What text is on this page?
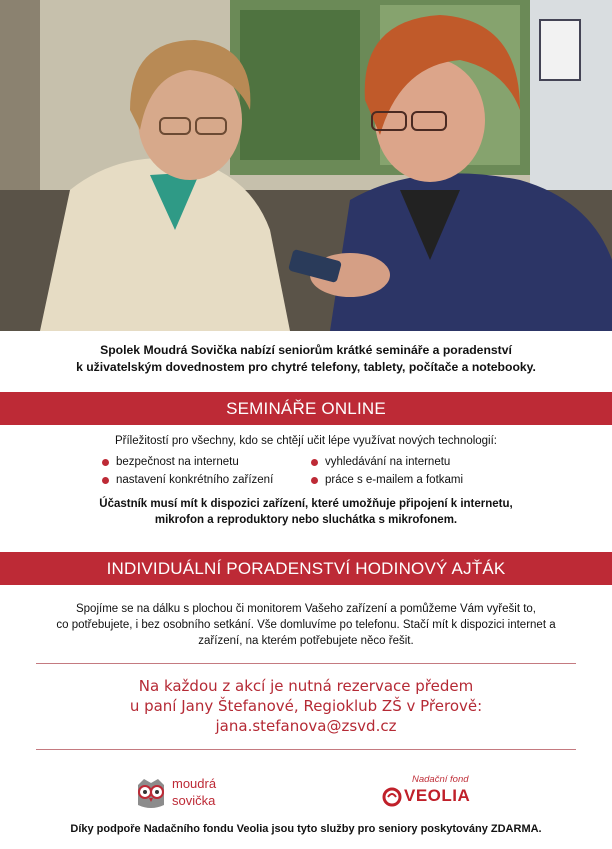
Spolek Moudrá Sovička nabízí seniorům krátké semináře a poradenství
k uživatelským dovednostem pro chytré telefony, tablety, počítače a notebooky.
SEMINÁŘE ONLINE
Příležitostí pro všechny, kdo se chtějí učit lépe využívat nových technologií:
bezpečnost na internetu
nastavení konkrétního zařízení
vyhledávání na internetu
práce s e-mailem a fotkami
Účastník musí mít k dispozici zařízení, které umožňuje připojení k internetu,
mikrofon a reproduktory nebo sluchátka s mikrofonem.
INDIVIDUÁLNÍ PORADENSTVÍ HODINOVÝ AJŤÁK
Spojíme se na dálku s plochou či monitorem Vašeho zařízení a pomůžeme Vám vyřešit to,
co potřebujete, i bez osobního setkání. Vše domluvíme po telefonu. Stačí mít k dispozici internet a
zařízení, na kterém potřebujete něco řešit.
Na každou z akcí je nutná rezervace předem
u paní Jany Štefanové, Regioklub ZŠ v Přerově:
jana.stefanova@zsvd.cz
moudrá
sovička
Nadační fond
VEOLIA
Díky podpoře Nadačního fondu Veolia jsou tyto služby pro seniory poskytovány ZDARMA.
